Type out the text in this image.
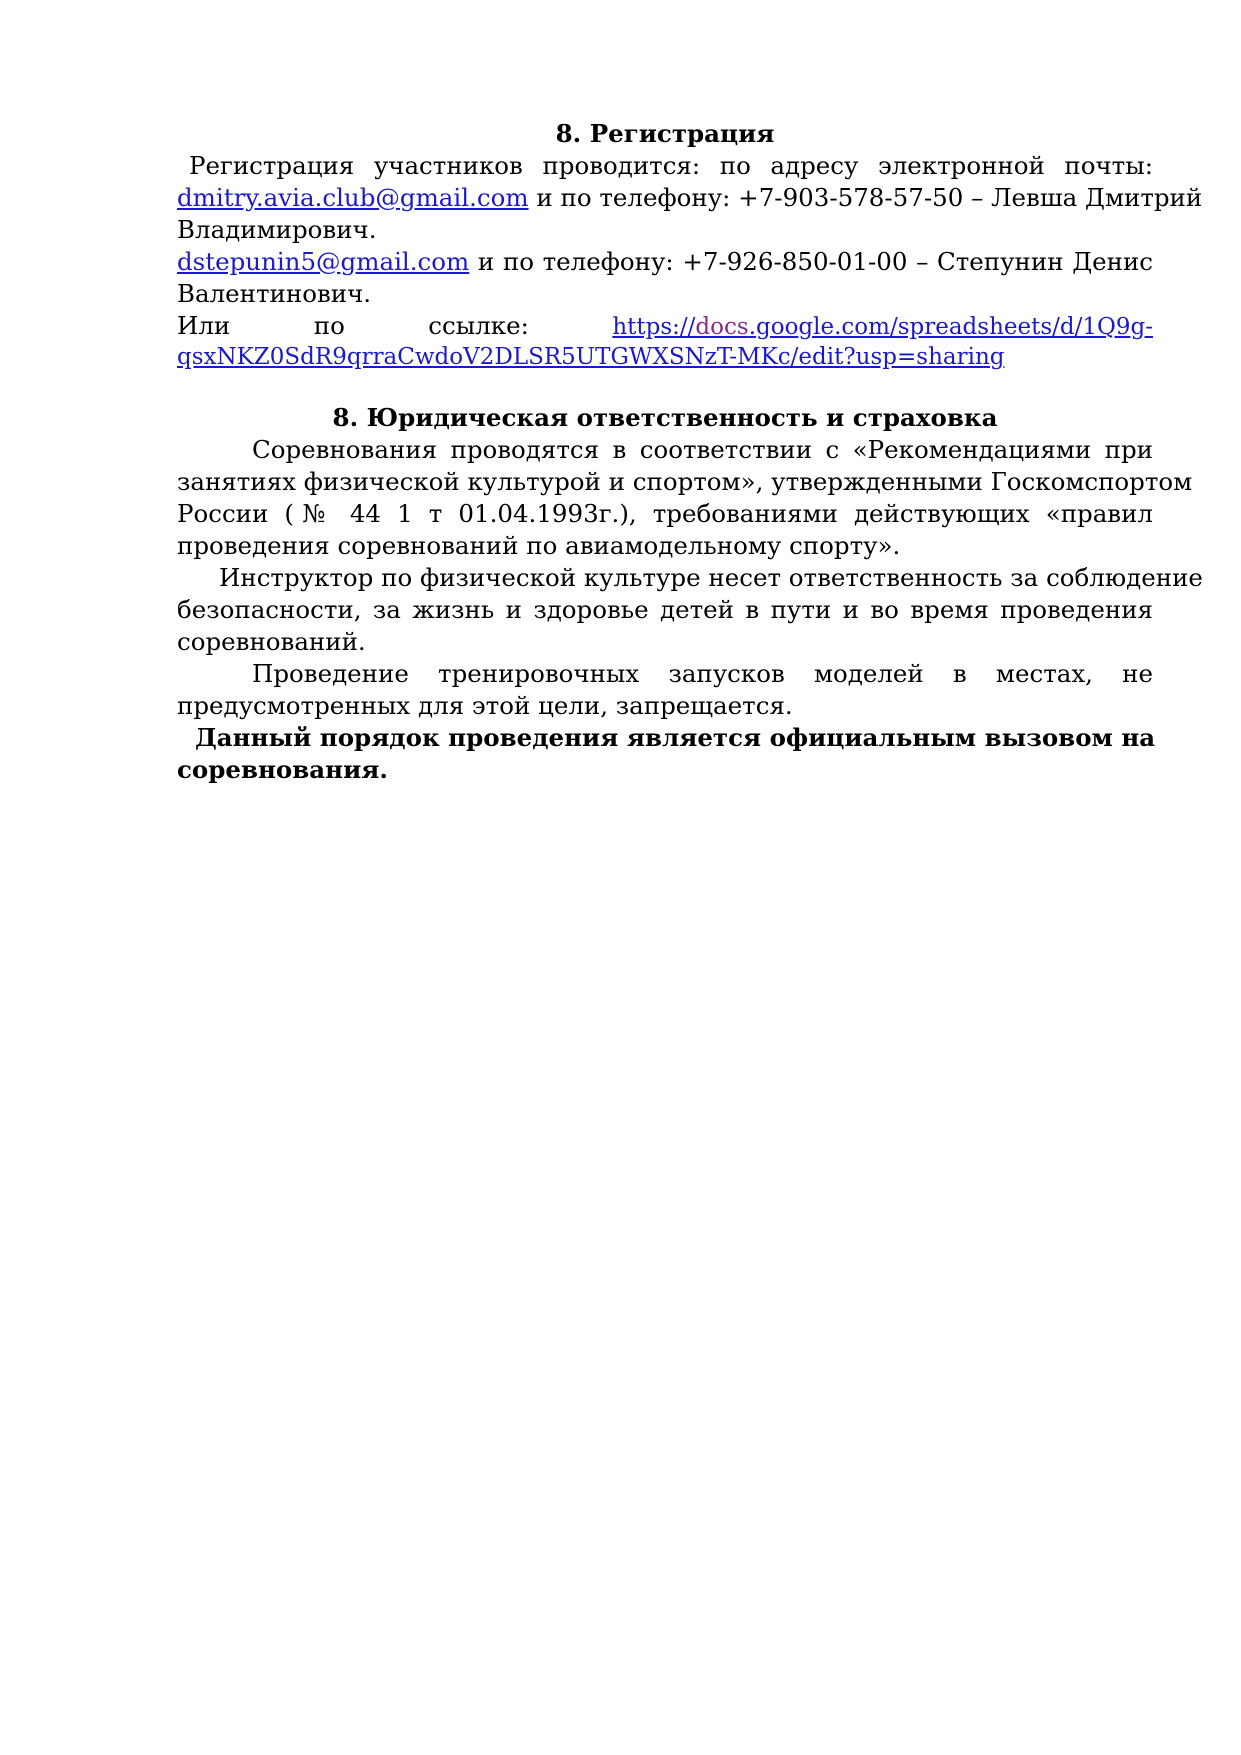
8. Регистрация
Регистрация участников проводится: по адресу электронной почты:
dmitry.avia.club@gmail.com и по телефону: +7-903-578-57-50 – Левша Дмитрий
Владимирович.
dstepunin5@gmail.com и по телефону: +7-926-850-01-00 – Степунин Денис
Валентинович.
Или	по	ссылке:	https://docs.google.com/spreadsheets/d/1Q9g-
qsxNKZ0SdR9qrraCwdoV2DLSR5UTGWXSNzT-MKc/edit?usp=sharing
8. Юридическая ответственность и страховка
Соревнования проводятся в соответствии с «Рекомендациями при
занятиях физической культурой и спортом», утвержденными Госкомспортом
России (№ 44 1 т 01.04.1993г.), требованиями действующих «правил
проведения соревнований по авиамодельному спорту».
Инструктор по физической культуре несет ответственность за соблюдение
безопасности, за жизнь и здоровье детей в пути и во время проведения
соревнований.
Проведение тренировочных запусков моделей в местах, не
предусмотренных для этой цели, запрещается.
Данный порядок проведения является официальным вызовом на
соревнования.
